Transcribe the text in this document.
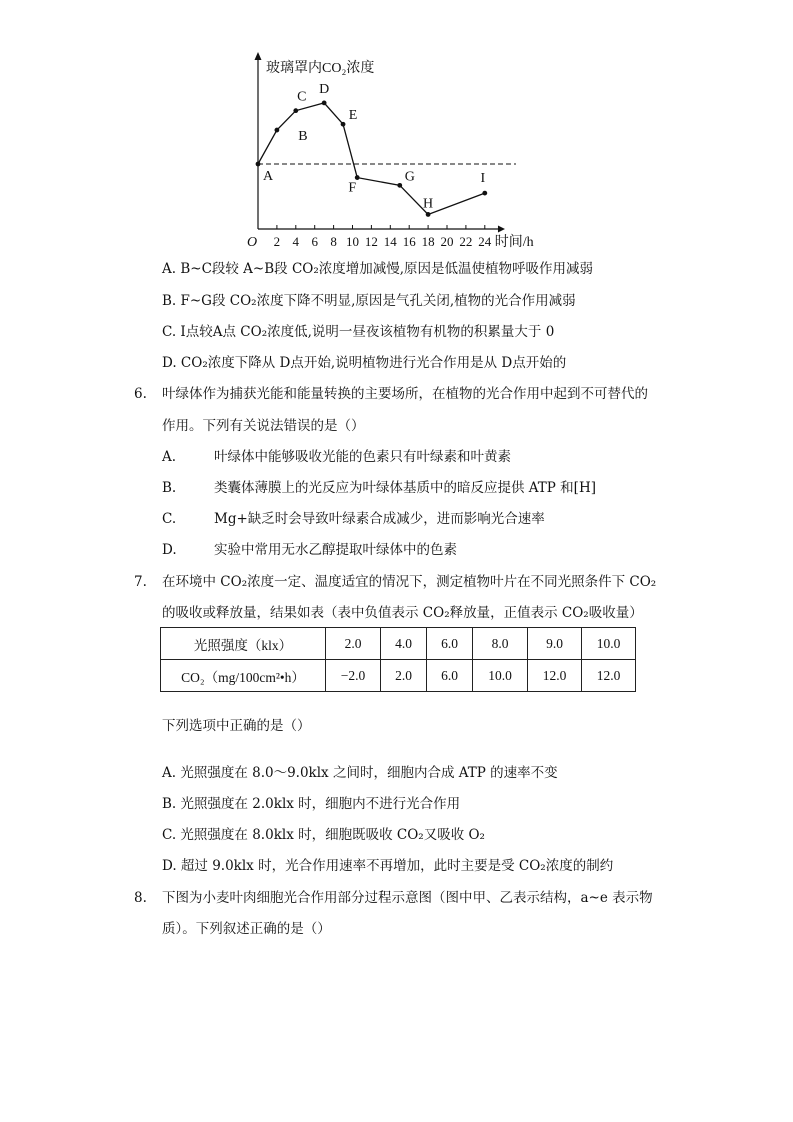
玻璃罩内CO₂浓度
O 2 4 6 8 10 12 14 16 18 20 22 24 时间/h
A
B
C
D
E
F
G
H
I
A. B~C段较 A~B段 CO₂浓度增加减慢,原因是低温使植物呼吸作用减弱
B. F~G段 CO₂浓度下降不明显,原因是气孔关闭,植物的光合作用减弱
C. I点较A点 CO₂浓度低,说明一昼夜该植物有机物的积累量大于 0
D. CO₂浓度下降从 D点开始,说明植物进行光合作用是从 D点开始的
6. 叶绿体作为捕获光能和能量转换的主要场所，在植物的光合作用中起到不可替代的
作用。下列有关说法错误的是（）
A.	叶绿体中能够吸收光能的色素只有叶绿素和叶黄素
B.	类囊体薄膜上的光反应为叶绿体基质中的暗反应提供 ATP 和[H]
C.	Mg+缺乏时会导致叶绿素合成减少，进而影响光合速率
D.	实验中常用无水乙醇提取叶绿体中的色素
7. 在环境中 CO₂浓度一定、温度适宜的情况下，测定植物叶片在不同光照条件下 CO₂
的吸收或释放量，结果如表（表中负值表示 CO₂释放量，正值表示 CO₂吸收量）
光照强度（klx）	2.0	4.0	6.0	8.0	9.0	10.0
CO₂（mg/100cm²•h）	−2.0	2.0	6.0	10.0	12.0	12.0
下列选项中正确的是（）
A. 光照强度在 8.0～9.0klx 之间时，细胞内合成 ATP 的速率不变
B. 光照强度在 2.0klx 时，细胞内不进行光合作用
C. 光照强度在 8.0klx 时，细胞既吸收 CO₂又吸收 O₂
D. 超过 9.0klx 时，光合作用速率不再增加，此时主要是受 CO₂浓度的制约
8. 下图为小麦叶肉细胞光合作用部分过程示意图（图中甲、乙表示结构，a~e 表示物
质）。下列叙述正确的是（）
